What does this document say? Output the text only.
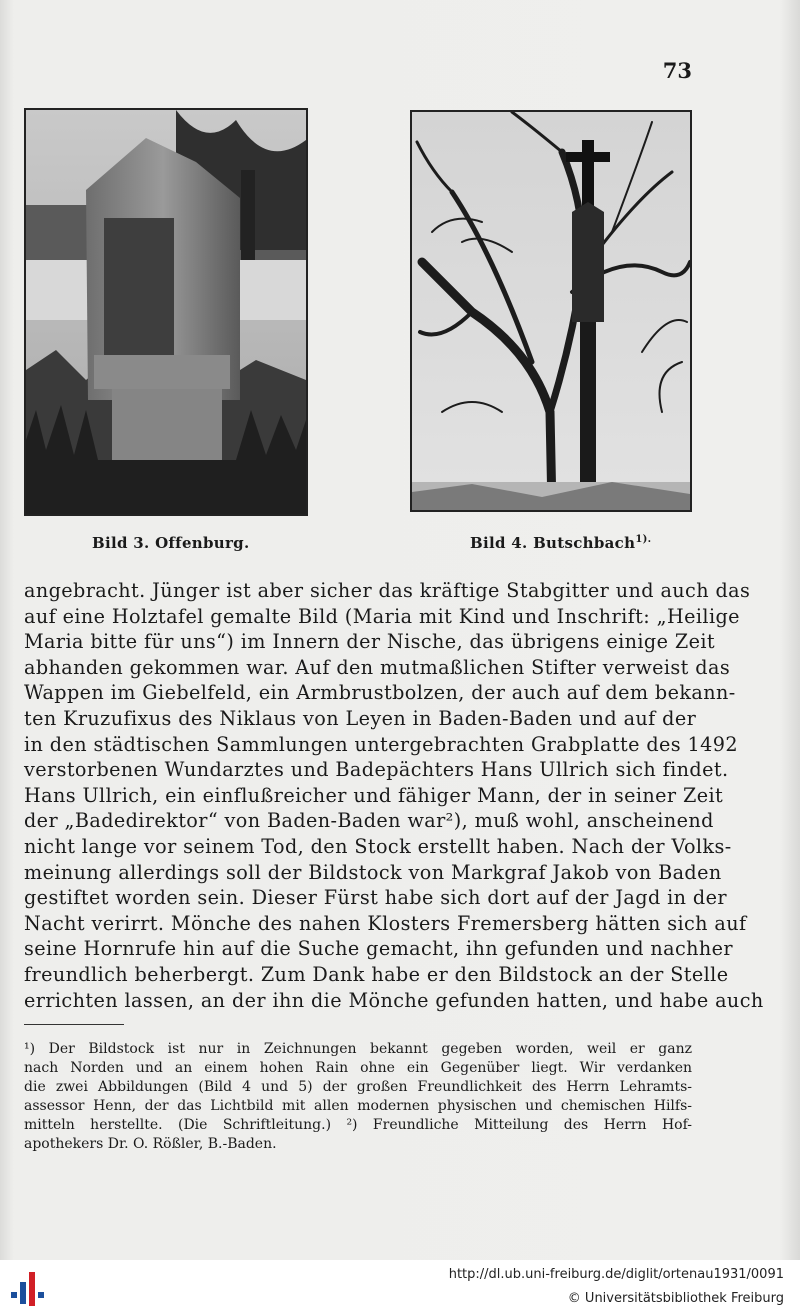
73
Bild 3. Offenburg.	Bild 4. Butschbach$^{1).}$
angebracht. Jünger ist aber sicher das kräftige Stabgitter und auch das
auf eine Holztafel gemalte Bild (Maria mit Kind und Inschrift: „Heilige
Maria bitte für uns“) im Innern der Nische, das übrigens einige Zeit
abhanden gekommen war. Auf den mutmaßlichen Stifter verweist das
Wappen im Giebelfeld, ein Armbrustbolzen, der auch auf dem bekann-
ten Kruzufixus des Niklaus von Leyen in Baden-Baden und auf der
in den städtischen Sammlungen untergebrachten Grabplatte des 1492
verstorbenen Wundarztes und Badepächters Hans Ullrich sich findet.
Hans Ullrich, ein einflußreicher und fähiger Mann, der in seiner Zeit
der „Badedirektor“ von Baden-Baden war²), muß wohl, anscheinend
nicht lange vor seinem Tod, den Stock erstellt haben. Nach der Volks-
meinung allerdings soll der Bildstock von Markgraf Jakob von Baden
gestiftet worden sein. Dieser Fürst habe sich dort auf der Jagd in der
Nacht verirrt. Mönche des nahen Klosters Fremersberg hätten sich auf
seine Hornrufe hin auf die Suche gemacht, ihn gefunden und nachher
freundlich beherbergt. Zum Dank habe er den Bildstock an der Stelle
errichten lassen, an der ihn die Mönche gefunden hatten, und habe auch
¹) Der Bildstock ist nur in Zeichnungen bekannt gegeben worden, weil er ganz
nach Norden und an einem hohen Rain ohne ein Gegenüber liegt. Wir verdanken
die zwei Abbildungen (Bild 4 und 5) der großen Freundlichkeit des Herrn Lehramts-
assessor Henn, der das Lichtbild mit allen modernen physischen und chemischen Hilfs-
mitteln herstellte. (Die Schriftleitung.) ²) Freundliche Mitteilung des Herrn Hof-
apothekers Dr. O. Rößler, B.-Baden.
http://dl.ub.uni-freiburg.de/diglit/ortenau1931/0091
© Universitätsbibliothek Freiburg
